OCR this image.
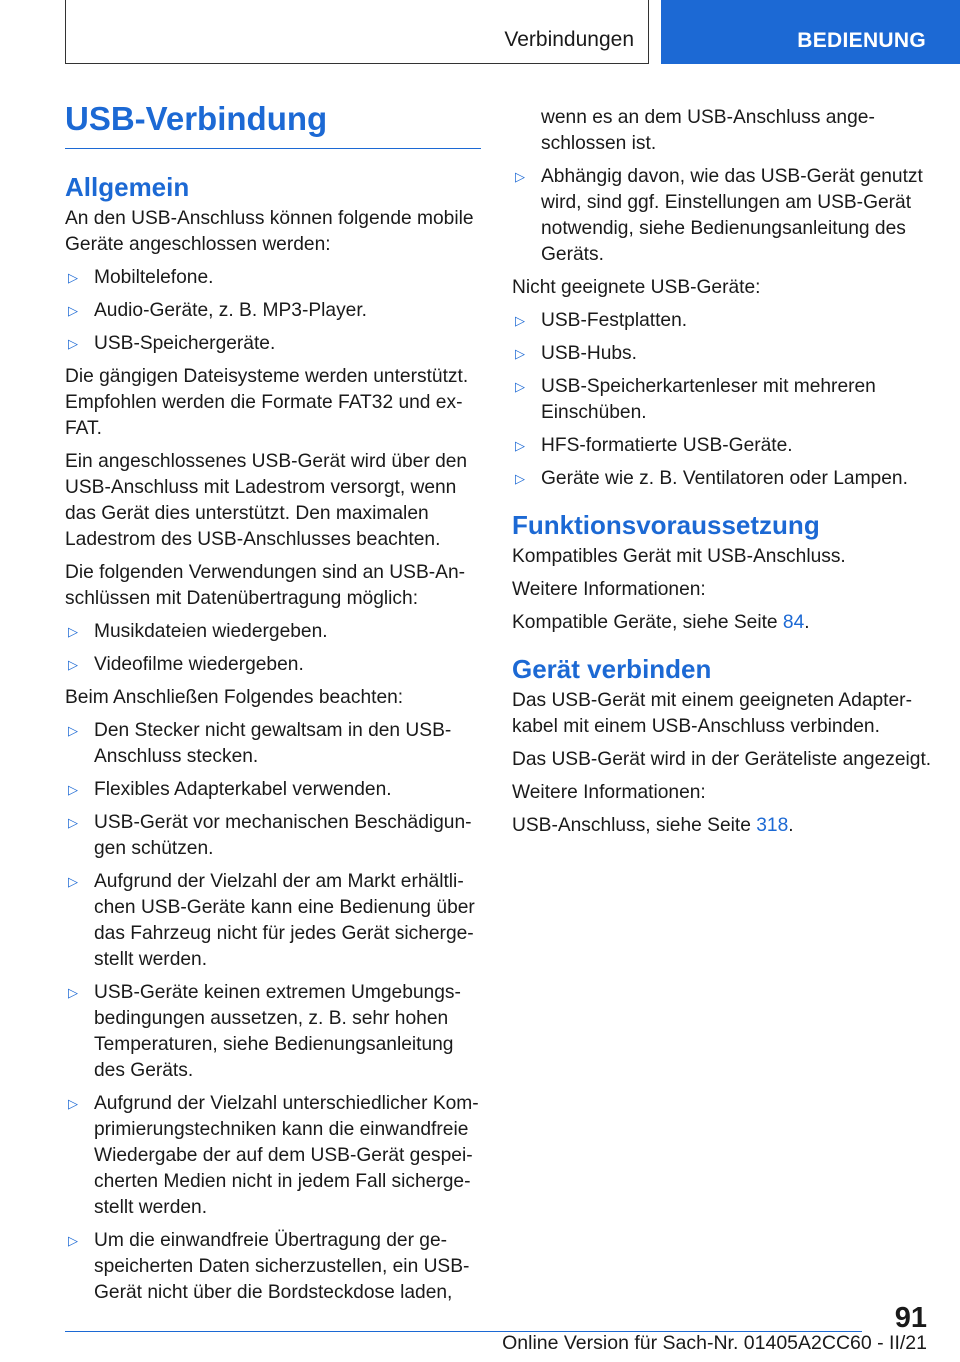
Verbindungen	BEDIENUNG
USB-Verbindung
Allgemein

An den USB-Anschluss können folgende mobile Geräte angeschlossen werden:

▷ Mobiltelefone.
▷ Audio-Geräte, z. B. MP3-Player.
▷ USB-Speichergeräte.

Die gängigen Dateisysteme werden unterstützt. Empfohlen werden die Formate FAT32 und exFAT.

Ein angeschlossenes USB-Gerät wird über den USB-Anschluss mit Ladestrom versorgt, wenn das Gerät dies unterstützt. Den maximalen Ladestrom des USB-Anschlusses beachten.

Die folgenden Verwendungen sind an USB-Anschlüssen mit Datenübertragung möglich:

▷ Musikdateien wiedergeben.
▷ Videofilme wiedergeben.

Beim Anschließen Folgendes beachten:

▷ Den Stecker nicht gewaltsam in den USB-Anschluss stecken.
▷ Flexibles Adapterkabel verwenden.
▷ USB-Gerät vor mechanischen Beschädigungen schützen.
▷ Aufgrund der Vielzahl der am Markt erhältlichen USB-Geräte kann eine Bedienung über das Fahrzeug nicht für jedes Gerät sichergestellt werden.
▷ USB-Geräte keinen extremen Umgebungsbedingungen aussetzen, z. B. sehr hohen Temperaturen, siehe Bedienungsanleitung des Geräts.
▷ Aufgrund der Vielzahl unterschiedlicher Komprimierungstechniken kann die einwandfreie Wiedergabe der auf dem USB-Gerät gespeicherten Medien nicht in jedem Fall sichergestellt werden.
▷ Um die einwandfreie Übertragung der gespeicherten Daten sicherzustellen, ein USB-Gerät nicht über die Bordsteckdose laden,
wenn es an dem USB-Anschluss angeschlossen ist.
▷ Abhängig davon, wie das USB-Gerät genutzt wird, sind ggf. Einstellungen am USB-Gerät notwendig, siehe Bedienungsanleitung des Geräts.

Nicht geeignete USB-Geräte:

▷ USB-Festplatten.
▷ USB-Hubs.
▷ USB-Speicherkartenleser mit mehreren Einschüben.
▷ HFS-formatierte USB-Geräte.
▷ Geräte wie z. B. Ventilatoren oder Lampen.
Funktionsvoraussetzung

Kompatibles Gerät mit USB-Anschluss.

Weitere Informationen:

Kompatible Geräte, siehe Seite 84.

Gerät verbinden

Das USB-Gerät mit einem geeigneten Adapterkabel mit einem USB-Anschluss verbinden.

Das USB-Gerät wird in der Geräteliste angezeigt.

Weitere Informationen:

USB-Anschluss, siehe Seite 318.

91
Online Version für Sach-Nr. 01405A2CC60 - II/21
